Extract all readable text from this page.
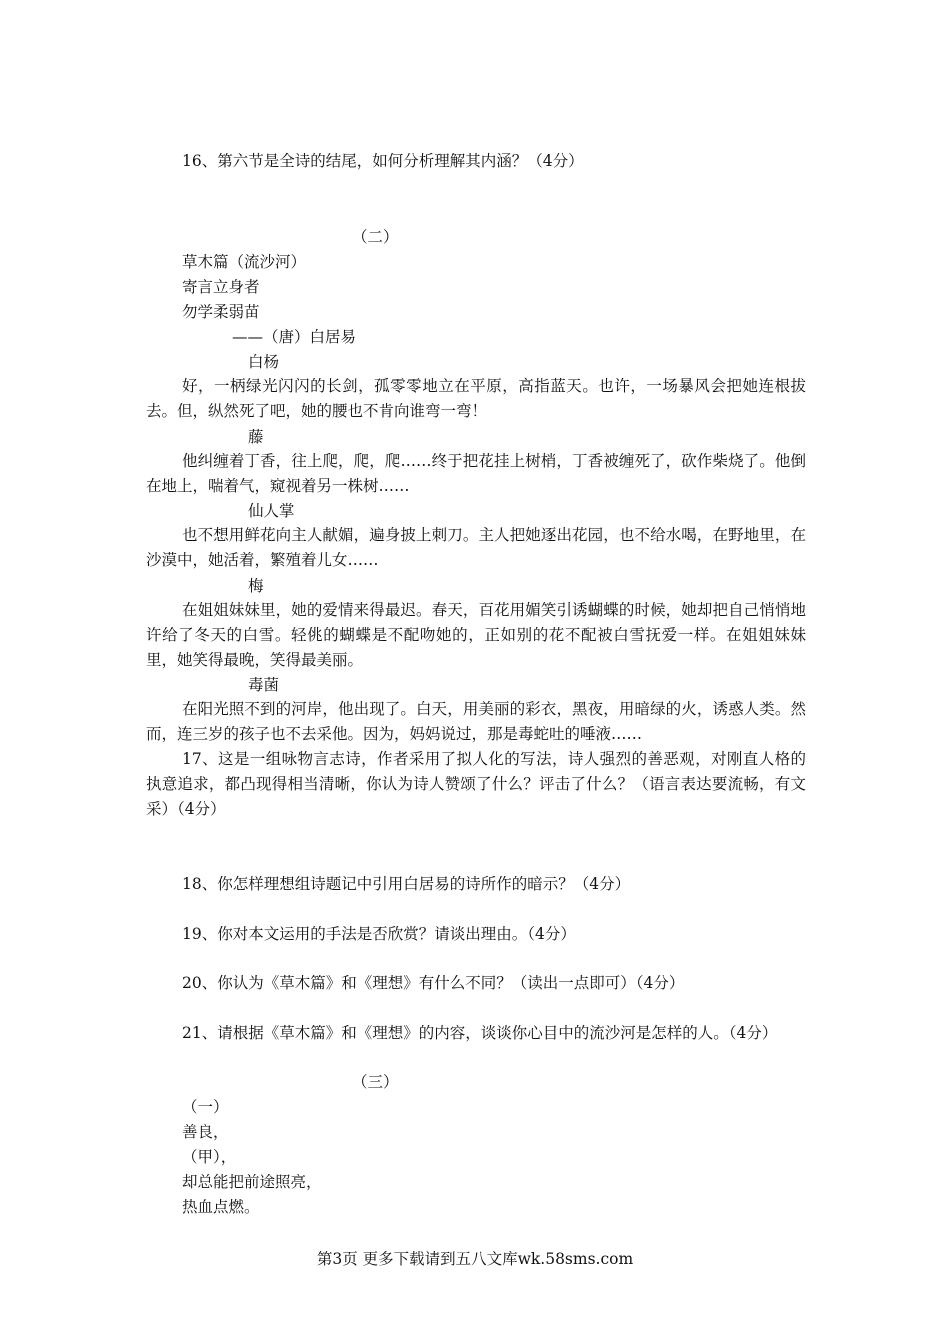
16、第六节是全诗的结尾，如何分析理解其内涵？（4分）
（二）
草木篇（流沙河）
寄言立身者
勿学柔弱苗
——（唐）白居易
白杨
好，一柄绿光闪闪的长剑，孤零零地立在平原，高指蓝天。也许，一场暴风会把她连根拔去。但，纵然死了吧，她的腰也不肯向谁弯一弯！
藤
他纠缠着丁香，往上爬，爬，爬……终于把花挂上树梢，丁香被缠死了，砍作柴烧了。他倒在地上，喘着气，窥视着另一株树……
仙人掌
也不想用鲜花向主人献媚，遍身披上刺刀。主人把她逐出花园，也不给水喝，在野地里，在沙漠中，她活着，繁殖着儿女……
梅
在姐姐妹妹里，她的爱情来得最迟。春天，百花用媚笑引诱蝴蝶的时候，她却把自己悄悄地许给了冬天的白雪。轻佻的蝴蝶是不配吻她的，正如别的花不配被白雪抚爱一样。在姐姐妹妹里，她笑得最晚，笑得最美丽。
毒菌
在阳光照不到的河岸，他出现了。白天，用美丽的彩衣，黑夜，用暗绿的火，诱惑人类。然而，连三岁的孩子也不去采他。因为，妈妈说过，那是毒蛇吐的唾液……
17、这是一组咏物言志诗，作者采用了拟人化的写法，诗人强烈的善恶观，对刚直人格的执意追求，都凸现得相当清晰，你认为诗人赞颂了什么？评击了什么？（语言表达要流畅，有文采）（4分）
18、你怎样理想组诗题记中引用白居易的诗所作的暗示？（4分）
19、你对本文运用的手法是否欣赏？请谈出理由。（4分）
20、你认为《草木篇》和《理想》有什么不同？（读出一点即可）（4分）
21、请根据《草木篇》和《理想》的内容，谈谈你心目中的流沙河是怎样的人。（4分）
（三）
（一）
善良，
（甲），
却总能把前途照亮，
热血点燃。
第3页 更多下载请到五八文库wk.58sms.com
